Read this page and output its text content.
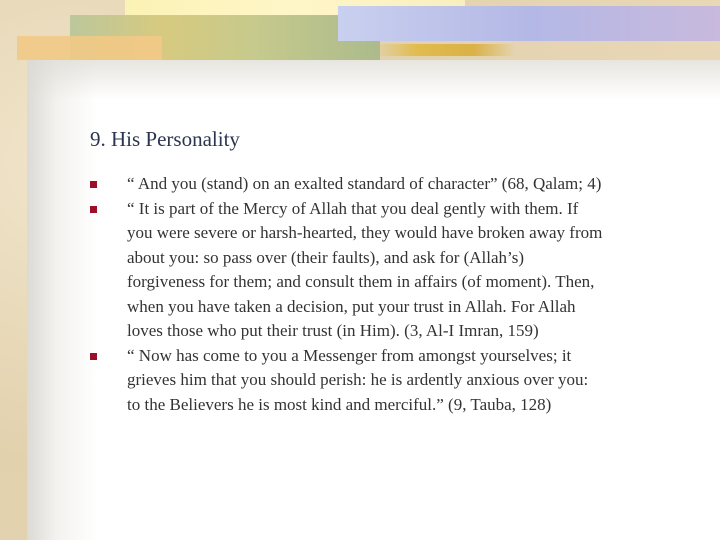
9. His Personality
“ And you (stand) on an exalted standard of character” (68, Qalam; 4)
“ It is part of the Mercy of Allah that you deal gently with them. If
you were severe or harsh-hearted, they would have broken away from
about you: so pass over (their faults), and ask for (Allah’s)
forgiveness for them; and consult them in affairs (of moment). Then,
when you have taken a decision, put your trust in Allah. For Allah
loves those who put their trust (in Him). (3, Al-I Imran, 159)
“ Now has come to you a Messenger from amongst yourselves; it
grieves him that you should perish: he is ardently anxious over you:
to the Believers he is most kind and merciful.” (9, Tauba, 128)
